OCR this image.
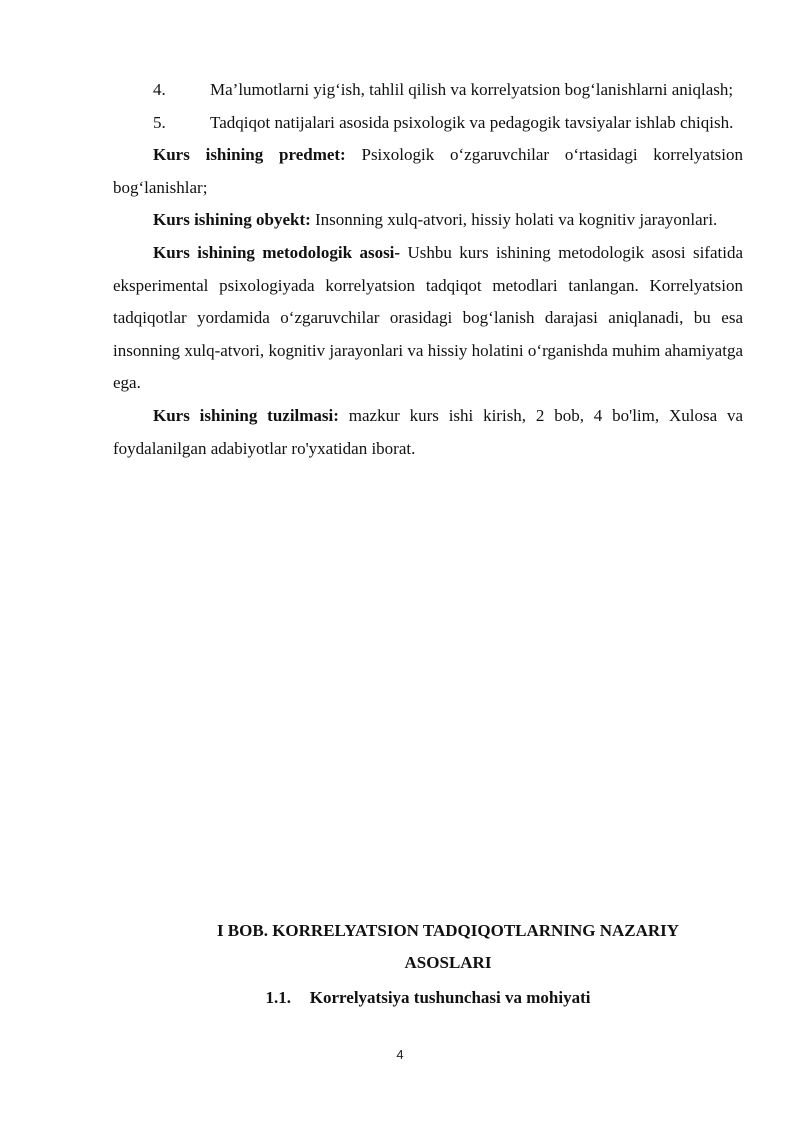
4.	Ma’lumotlarni yig‘ish, tahlil qilish va korrelyatsion bog‘lanishlarni aniqlash;

5.	Tadqiqot natijalari asosida psixologik va pedagogik tavsiyalar ishlab chiqish.

Kurs ishining predmet: Psixologik o‘zgaruvchilar o‘rtasidagi korrelyatsion bog‘lanishlar;

Kurs ishining obyekt: Insonning xulq-atvori, hissiy holati va kognitiv jarayonlari.

Kurs ishining metodologik asosi- Ushbu kurs ishining metodologik asosi sifatida eksperimental psixologiyada korrelyatsion tadqiqot metodlari tanlangan. Korrelyatsion tadqiqotlar yordamida o‘zgaruvchilar orasidagi bog‘lanish darajasi aniqlanadi, bu esa insonning xulq-atvori, kognitiv jarayonlari va hissiy holatini o‘rganishda muhim ahamiyatga ega.

Kurs ishining tuzilmasi: mazkur kurs ishi kirish, 2 bob, 4 bo'lim, Xulosa va foydalanilgan adabiyotlar ro'yxatidan iborat.

I BOB. KORRELYATSION TADQIQOTLARNING NAZARIY
ASOSLARI
1.1. Korrelyatsiya tushunchasi va mohiyati
4
